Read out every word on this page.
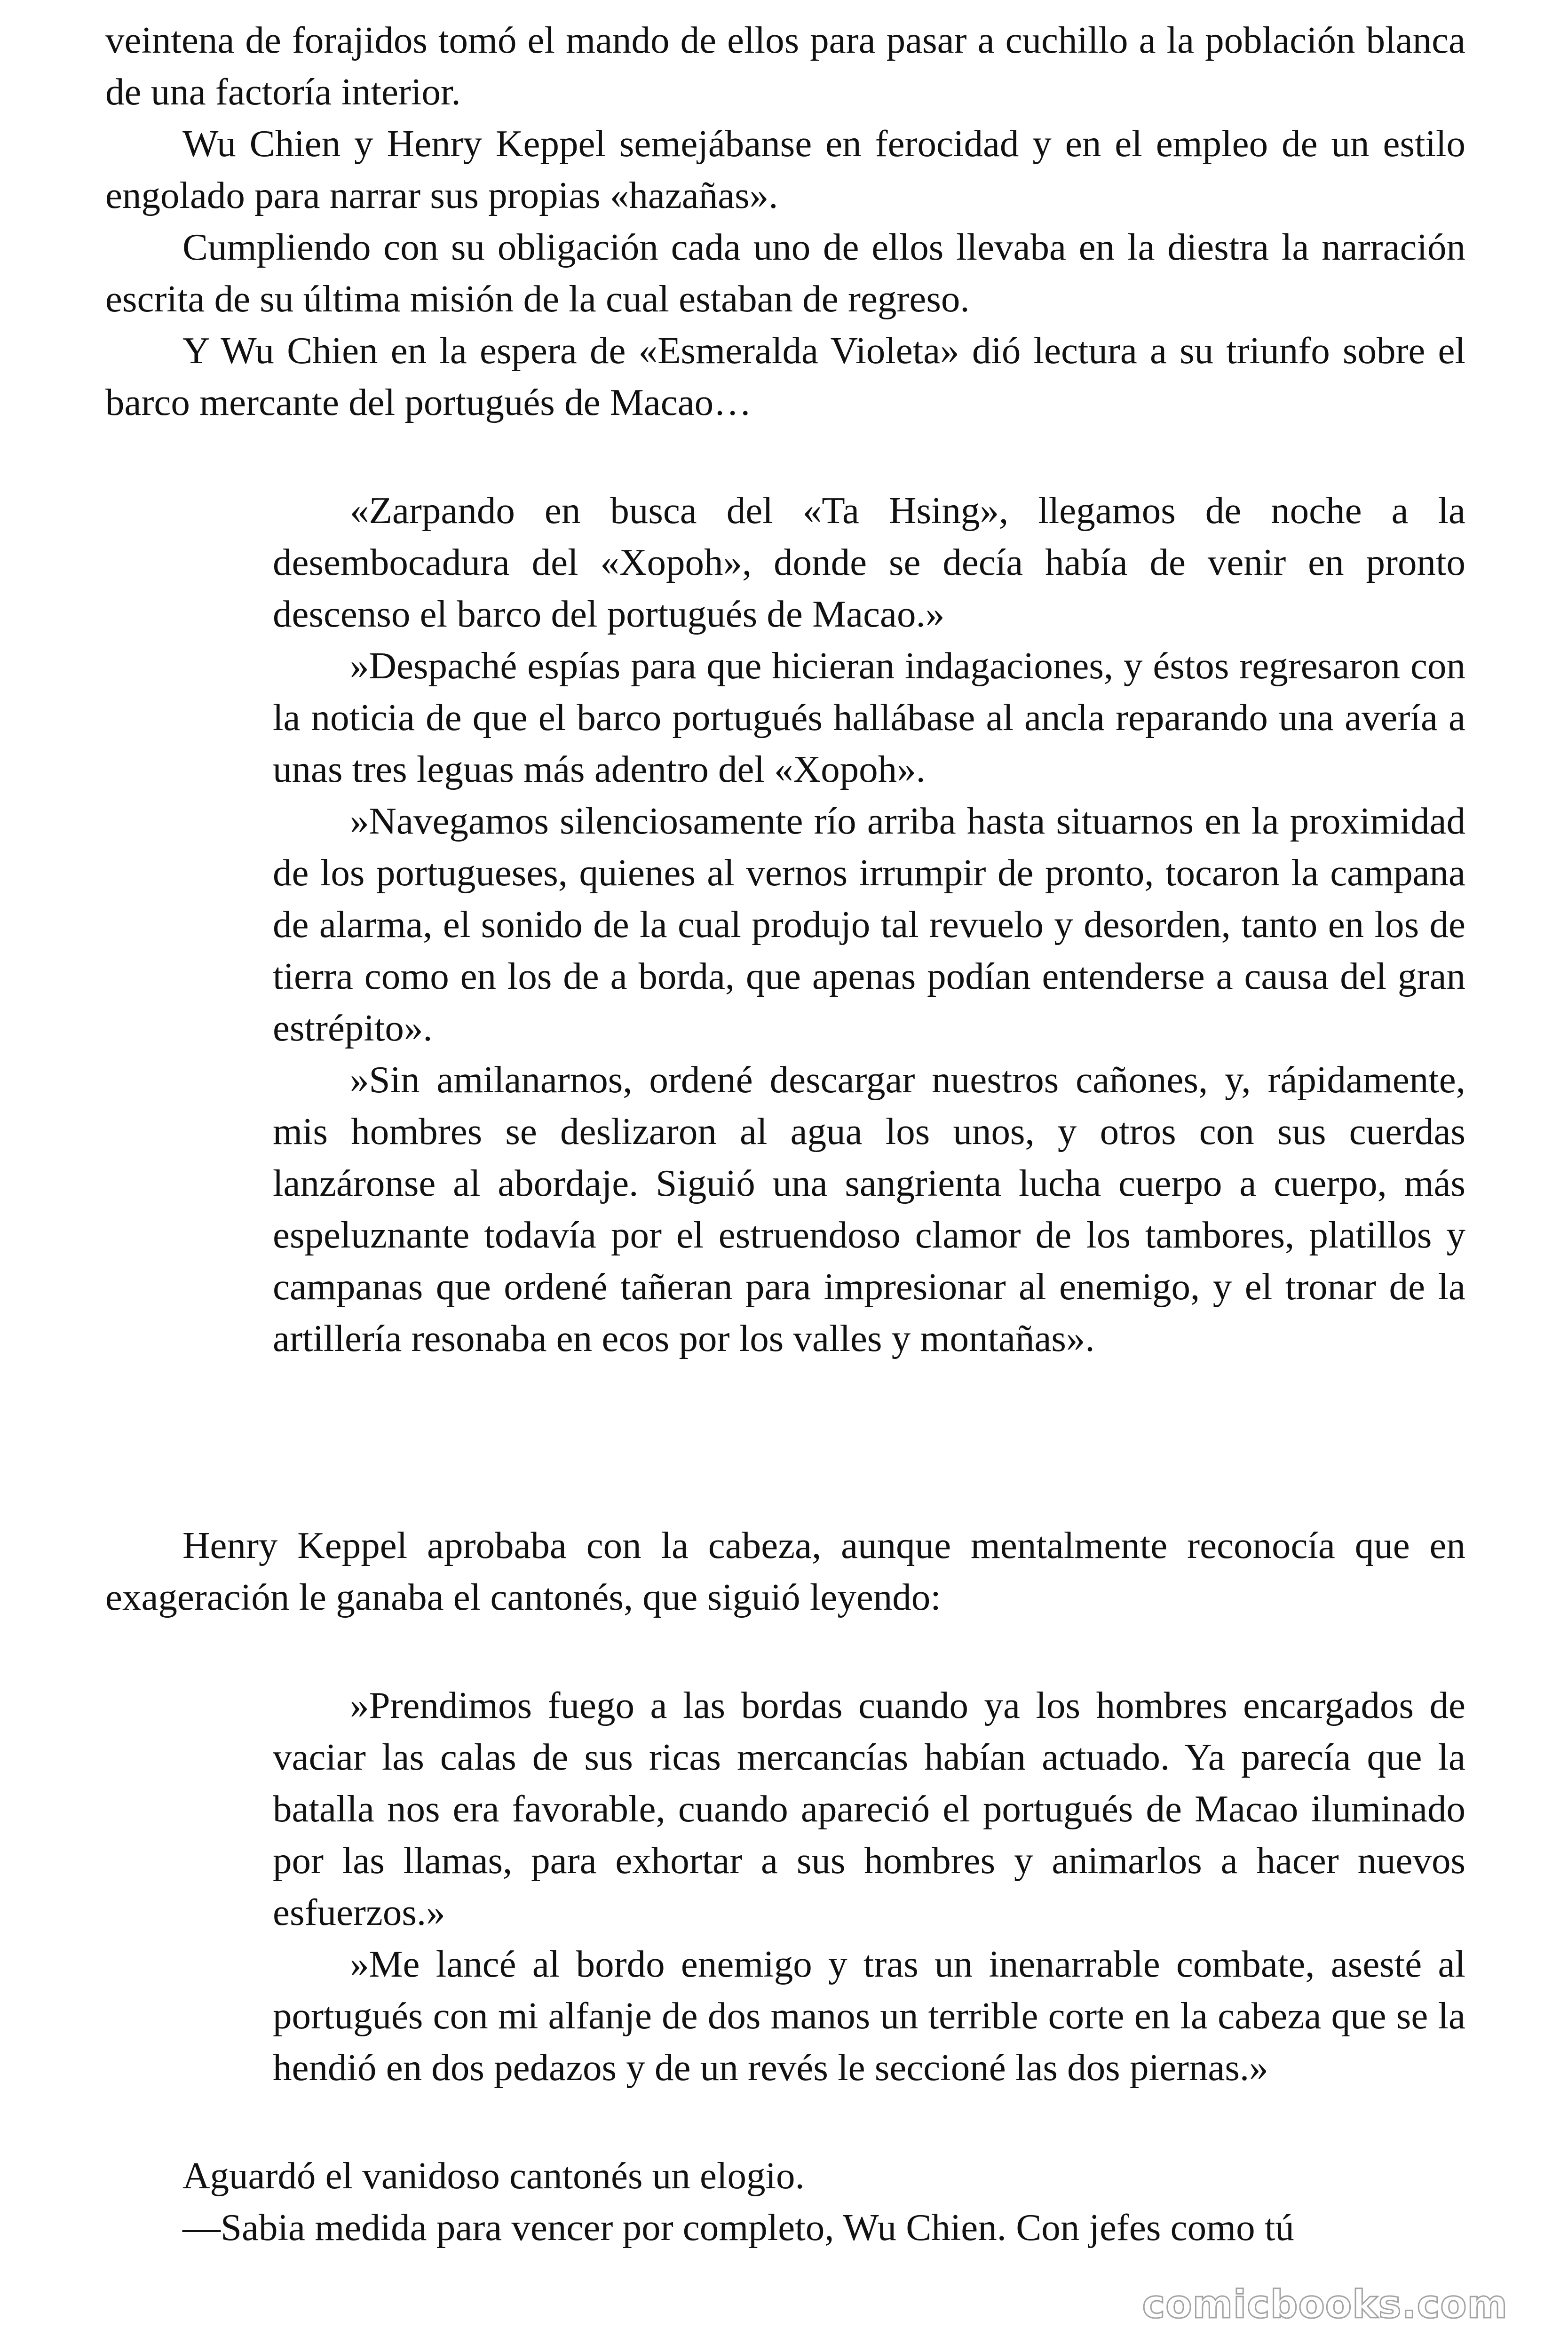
veintena de forajidos tomó el mando de ellos para pasar a cuchillo a la población blanca de una factoría interior.

Wu Chien y Henry Keppel semejábanse en ferocidad y en el empleo de un estilo engolado para narrar sus propias «hazañas».

Cumpliendo con su obligación cada uno de ellos llevaba en la diestra la narración escrita de su última misión de la cual estaban de regreso.

Y Wu Chien en la espera de «Esmeralda Violeta» dió lectura a su triunfo sobre el barco mercante del portugués de Macao…

«Zarpando en busca del «Ta Hsing», llegamos de noche a la desembocadura del «Xopoh», donde se decía había de venir en pronto descenso el barco del portugués de Macao.»

»Despaché espías para que hicieran indagaciones, y éstos regresaron con la noticia de que el barco portugués hallábase al ancla reparando una avería a unas tres leguas más adentro del «Xopoh».

»Navegamos silenciosamente río arriba hasta situarnos en la proximidad de los portugueses, quienes al vernos irrumpir de pronto, tocaron la campana de alarma, el sonido de la cual produjo tal revuelo y desorden, tanto en los de tierra como en los de a borda, que apenas podían entenderse a causa del gran estrépito».

»Sin amilanarnos, ordené descargar nuestros cañones, y, rápidamente, mis hombres se deslizaron al agua los unos, y otros con sus cuerdas lanzáronse al abordaje. Siguió una sangrienta lucha cuerpo a cuerpo, más espeluznante todavía por el estruendoso clamor de los tambores, platillos y campanas que ordené tañeran para impresionar al enemigo, y el tronar de la artillería resonaba en ecos por los valles y montañas».

Henry Keppel aprobaba con la cabeza, aunque mentalmente reconocía que en exageración le ganaba el cantonés, que siguió leyendo:

»Prendimos fuego a las bordas cuando ya los hombres encargados de vaciar las calas de sus ricas mercancías habían actuado. Ya parecía que la batalla nos era favorable, cuando apareció el portugués de Macao iluminado por las llamas, para exhortar a sus hombres y animarlos a hacer nuevos esfuerzos.»

»Me lancé al bordo enemigo y tras un inenarrable combate, asesté al portugués con mi alfanje de dos manos un terrible corte en la cabeza que se la hendió en dos pedazos y de un revés le seccioné las dos piernas.»

Aguardó el vanidoso cantonés un elogio.

—Sabia medida para vencer por completo, Wu Chien. Con jefes como tú

comicbooks.com
